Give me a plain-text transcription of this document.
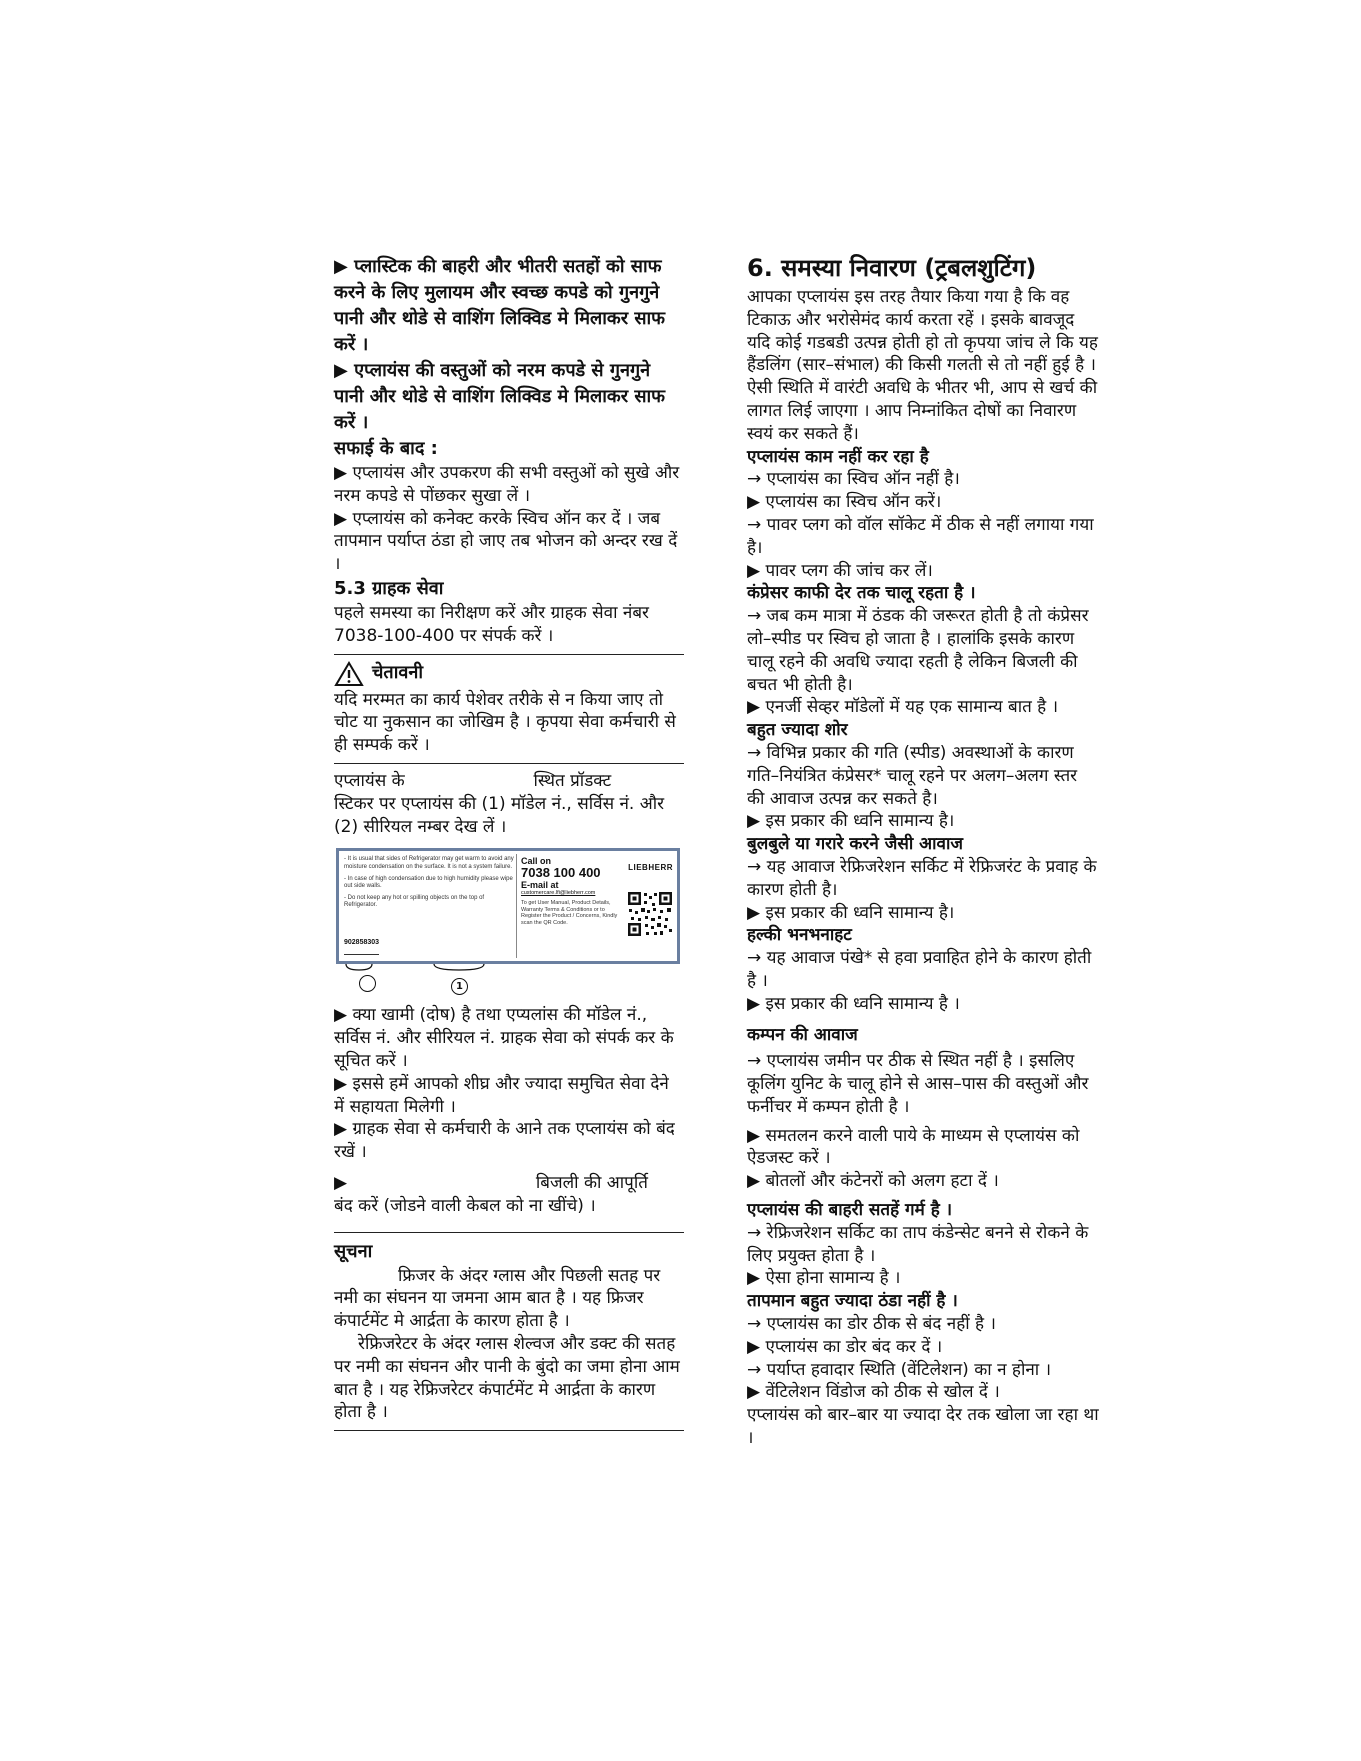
▶ प्लास्टिक की बाहरी और भीतरी सतहों को साफ करने के लिए मुलायम और स्वच्छ कपडे को गुनगुने पानी और थोडे से वाशिंग लिक्विड मे मिलाकर साफ करें ।

▶ एप्लायंस की वस्तुओं को नरम कपडे से गुनगुने पानी और थोडे से वाशिंग लिक्विड मे मिलाकर साफ करें ।

सफाई के बाद :

▶ एप्लायंस और उपकरण की सभी वस्तुओं को सुखे और नरम कपडे से पोंछकर सुखा लें ।

▶ एप्लायंस को कनेक्ट करके स्विच ऑन कर दें । जब तापमान पर्याप्त ठंडा हो जाए तब भोजन को अन्दर रख दें ।

5.3 ग्राहक सेवा

पहले समस्या का निरीक्षण करें और ग्राहक सेवा नंबर 7038-100-400 पर संपर्क करें ।

चेतावनी

यदि मरम्मत का कार्य पेशेवर तरीके से न किया जाए तो चोट या नुकसान का जोखिम है । कृपया सेवा कर्मचारी से ही सम्पर्क करें ।

एप्लायंस के	स्थित प्रॉडक्ट

स्टिकर पर एप्लायंस की (1) मॉडेल नं., सर्विस नं. और (2) सीरियल नम्बर देख लें ।

- It is usual that sides of Refrigerator may get warm to avoid any moisture condensation on the surface. It is not a system failure.
- In case of high condensation due to high humidity please wipe out side walls.
- Do not keep any hot or spilling objects on the top of Refrigerator.
902858303
Call on
7038 100 400
E-mail at
customercare.lfi@liebherr.com
To get User Manual, Product Details, Warranty Terms & Conditions or to Register the Product / Concerns, Kindly scan the QR Code.
LIEBHERR
1

▶ क्या खामी (दोष) है तथा एप्यलांस की मॉडेल नं., सर्विस नं. और सीरियल नं. ग्राहक सेवा को संपर्क कर के सूचित करें ।

▶ इससे हमें आपको शीघ्र और ज्यादा समुचित सेवा देने में सहायता मिलेगी ।

▶ ग्राहक सेवा से कर्मचारी के आने तक एप्लायंस को बंद रखें ।

▶	बिजली की आपूर्ति

बंद करें (जोडने वाली केबल को ना खींचे) ।

सूचना

फ्रिजर के अंदर ग्लास और पिछली सतह पर नमी का संघनन या जमना आम बात है । यह फ्रिजर कंपार्टमेंट मे आर्द्रता के कारण होता है ।

रेफ्रिजरेटर के अंदर ग्लास शेल्वज और डक्ट की सतह पर नमी का संघनन और पानी के बुंदो का जमा होना आम बात है । यह रेफ्रिजरेटर कंपार्टमेंट मे आर्द्रता के कारण होता है ।

6. समस्या निवारण (ट्रबलशुटिंग)

आपका एप्लायंस इस तरह तैयार किया गया है कि वह टिकाऊ और भरोसेमंद कार्य करता रहें । इसके बावजूद यदि कोई गडबडी उत्पन्न होती हो तो कृपया जांच ले कि यह हैंडलिंग (सार–संभाल) की किसी गलती से तो नहीं हुई है । ऐसी स्थिति में वारंटी अवधि के भीतर भी, आप से खर्च की लागत लिई जाएगा । आप निम्नांकित दोषों का निवारण स्वयं कर सकते हैं।

एप्लायंस काम नहीं कर रहा है

→ एप्लायंस का स्विच ऑन नहीं है।

▶ एप्लायंस का स्विच ऑन करें।

→ पावर प्लग को वॉल सॉकेट में ठीक से नहीं लगाया गया है।

▶ पावर प्लग की जांच कर लें।

कंप्रेसर काफी देर तक चालू रहता है ।

→ जब कम मात्रा में ठंडक की जरूरत होती है तो कंप्रेसर लो–स्पीड पर स्विच हो जाता है । हालांकि इसके कारण चालू रहने की अवधि ज्यादा रहती है लेकिन बिजली की बचत भी होती है।

▶ एनर्जी सेव्हर मॉडेलों में यह एक सामान्य बात है ।

बहुत ज्यादा शोर

→ विभिन्न प्रकार की गति (स्पीड) अवस्थाओं के कारण गति–नियंत्रित कंप्रेसर* चालू रहने पर अलग–अलग स्तर की आवाज उत्पन्न कर सकते है।

▶ इस प्रकार की ध्वनि सामान्य है।

बुलबुले या गरारे करने जैसी आवाज

→ यह आवाज रेफ्रिजरेशन सर्किट में रेफ्रिजरंट के प्रवाह के कारण होती है।

▶ इस प्रकार की ध्वनि सामान्य है।

हल्की भनभनाहट

→ यह आवाज पंखे* से हवा प्रवाहित होने के कारण होती है ।

▶ इस प्रकार की ध्वनि सामान्य है ।

कम्पन की आवाज

→ एप्लायंस जमीन पर ठीक से स्थित नहीं है । इसलिए कूलिंग युनिट के चालू होने से आस–पास की वस्तुओं और फर्नीचर में कम्पन होती है ।

▶ समतलन करने वाली पाये के माध्यम से एप्लायंस को ऐडजस्ट करें ।

▶ बोतलों और कंटेनरों को अलग हटा दें ।

एप्लायंस की बाहरी सतहें गर्म है ।

→ रेफ्रिजरेशन सर्किट का ताप कंडेन्सेट बनने से रोकने के लिए प्रयुक्त होता है ।

▶ ऐसा होना सामान्य है ।

तापमान बहुत ज्यादा ठंडा नहीं है ।

→ एप्लायंस का डोर ठीक से बंद नहीं है ।

▶ एप्लायंस का डोर बंद कर दें ।

→ पर्याप्त हवादार स्थिति (वेंटिलेशन) का न होना ।

▶ वेंटिलेशन विंडोज को ठीक से खोल दें ।

एप्लायंस को बार–बार या ज्यादा देर तक खोला जा रहा था ।
